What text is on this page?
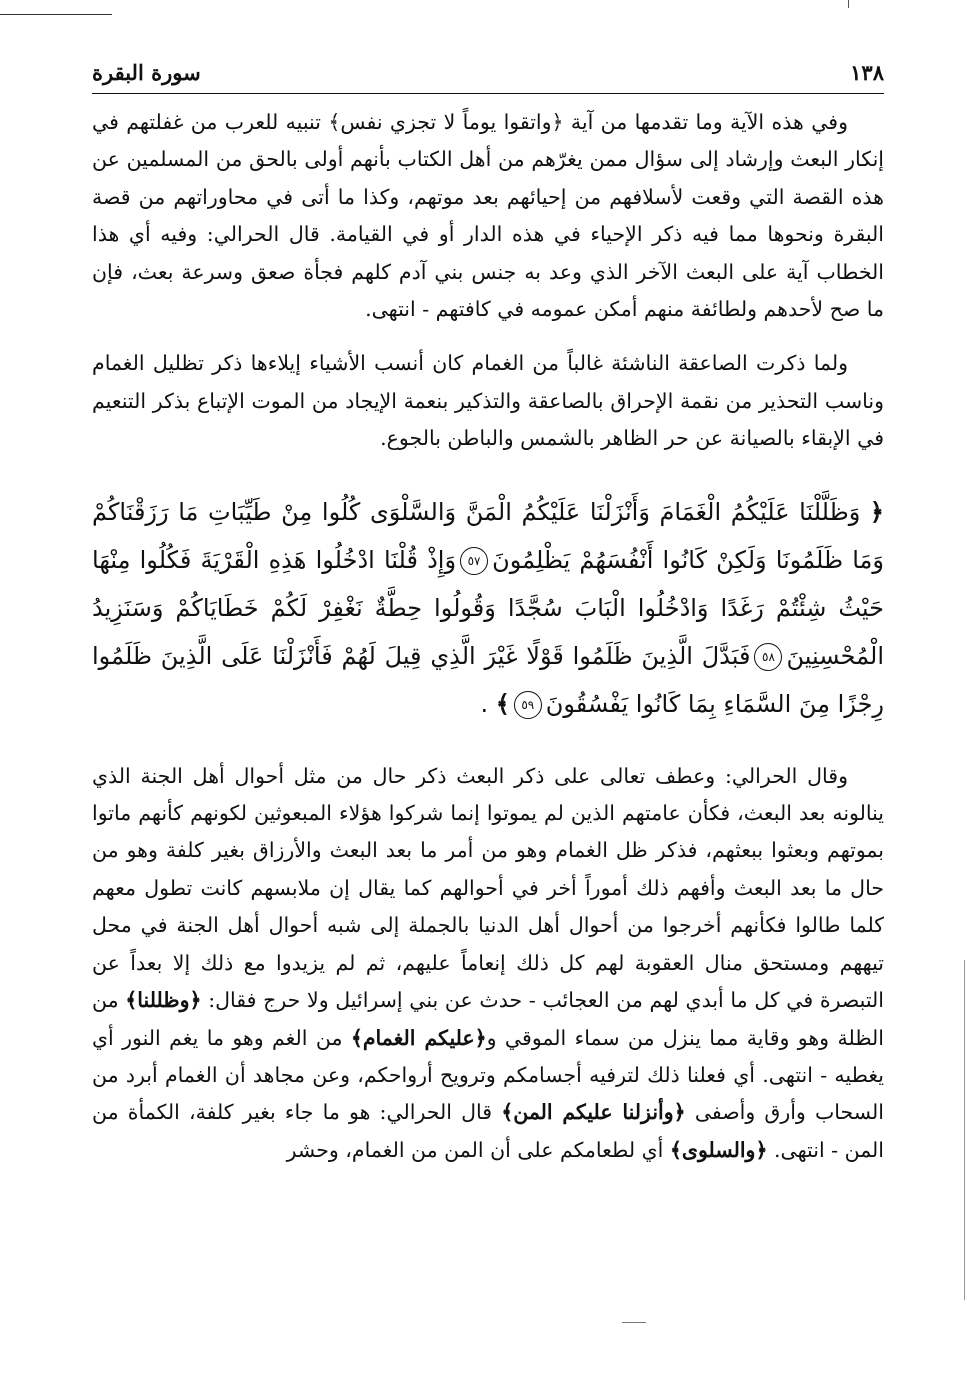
١٣٨
سورة البقرة

وفي هذه الآية وما تقدمها من آية ﴿واتقوا يوماً لا تجزي نفس﴾ تنبيه للعرب من غفلتهم في إنكار البعث وإرشاد إلى سؤال ممن يغرّهم من أهل الكتاب بأنهم أولى بالحق من المسلمين عن هذه القصة التي وقعت لأسلافهم من إحيائهم بعد موتهم، وكذا ما أتى في محاوراتهم من قصة البقرة ونحوها مما فيه ذكر الإحياء في هذه الدار أو في القيامة. قال الحرالي: وفيه أي هذا الخطاب آية على البعث الآخر الذي وعد به جنس بني آدم كلهم فجأة صعق وسرعة بعث، فإن ما صح لأحدهم ولطائفة منهم أمكن عمومه في كافتهم - انتهى.

ولما ذكرت الصاعقة الناشئة غالباً من الغمام كان أنسب الأشياء إيلاءها ذكر تظليل الغمام وناسب التحذير من نقمة الإحراق بالصاعقة والتذكير بنعمة الإيجاد من الموت الإتباع بذكر التنعيم في الإبقاء بالصيانة عن حر الظاهر بالشمس والباطن بالجوع.

﴿ وَظَلَّلْنَا عَلَيْكُمُ الْغَمَامَ وَأَنْزَلْنَا عَلَيْكُمُ الْمَنَّ وَالسَّلْوَى كُلُوا مِنْ طَيِّبَاتِ مَا رَزَقْنَاكُمْ وَمَا ظَلَمُونَا وَلَكِنْ كَانُوا أَنْفُسَهُمْ يَظْلِمُونَ٥٧وَإِذْ قُلْنَا ادْخُلُوا هَذِهِ الْقَرْيَةَ فَكُلُوا مِنْهَا حَيْثُ شِئْتُمْ رَغَدًا وَادْخُلُوا الْبَابَ سُجَّدًا وَقُولُوا حِطَّةٌ نَغْفِرْ لَكُمْ خَطَايَاكُمْ وَسَنَزِيدُ الْمُحْسِنِينَ٥٨فَبَدَّلَ الَّذِينَ ظَلَمُوا قَوْلًا غَيْرَ الَّذِي قِيلَ لَهُمْ فَأَنْزَلْنَا عَلَى الَّذِينَ ظَلَمُوا رِجْزًا مِنَ السَّمَاءِ بِمَا كَانُوا يَفْسُقُونَ٥٩﴾ .

وقال الحرالي: وعطف تعالى على ذكر البعث ذكر حال من مثل أحوال أهل الجنة الذي ينالونه بعد البعث، فكأن عامتهم الذين لم يموتوا إنما شركوا هؤلاء المبعوثين لكونهم كأنهم ماتوا بموتهم وبعثوا ببعثهم، فذكر ظل الغمام وهو من أمر ما بعد البعث والأرزاق بغير كلفة وهو من حال ما بعد البعث وأفهم ذلك أموراً أخر في أحوالهم كما يقال إن ملابسهم كانت تطول معهم كلما طالوا فكأنهم أخرجوا من أحوال أهل الدنيا بالجملة إلى شبه أحوال أهل الجنة في محل تيههم ومستحق منال العقوبة لهم كل ذلك إنعاماً عليهم، ثم لم يزيدوا مع ذلك إلا بعداً عن التبصرة في كل ما أبدي لهم من العجائب - حدث عن بني إسرائيل ولا حرج فقال: ﴿وظللنا﴾ من الظلة وهو وقاية مما ينزل من سماء الموقي و﴿عليكم الغمام﴾ من الغم وهو ما يغم النور أي يغطيه - انتهى. أي فعلنا ذلك لترفيه أجسامكم وترويح أرواحكم، وعن مجاهد أن الغمام أبرد من السحاب وأرق وأصفى ﴿وأنزلنا عليكم المن﴾ قال الحرالي: هو ما جاء بغير كلفة، الكمأة من المن - انتهى. ﴿والسلوى﴾ أي لطعامكم على أن المن من الغمام، وحشر
